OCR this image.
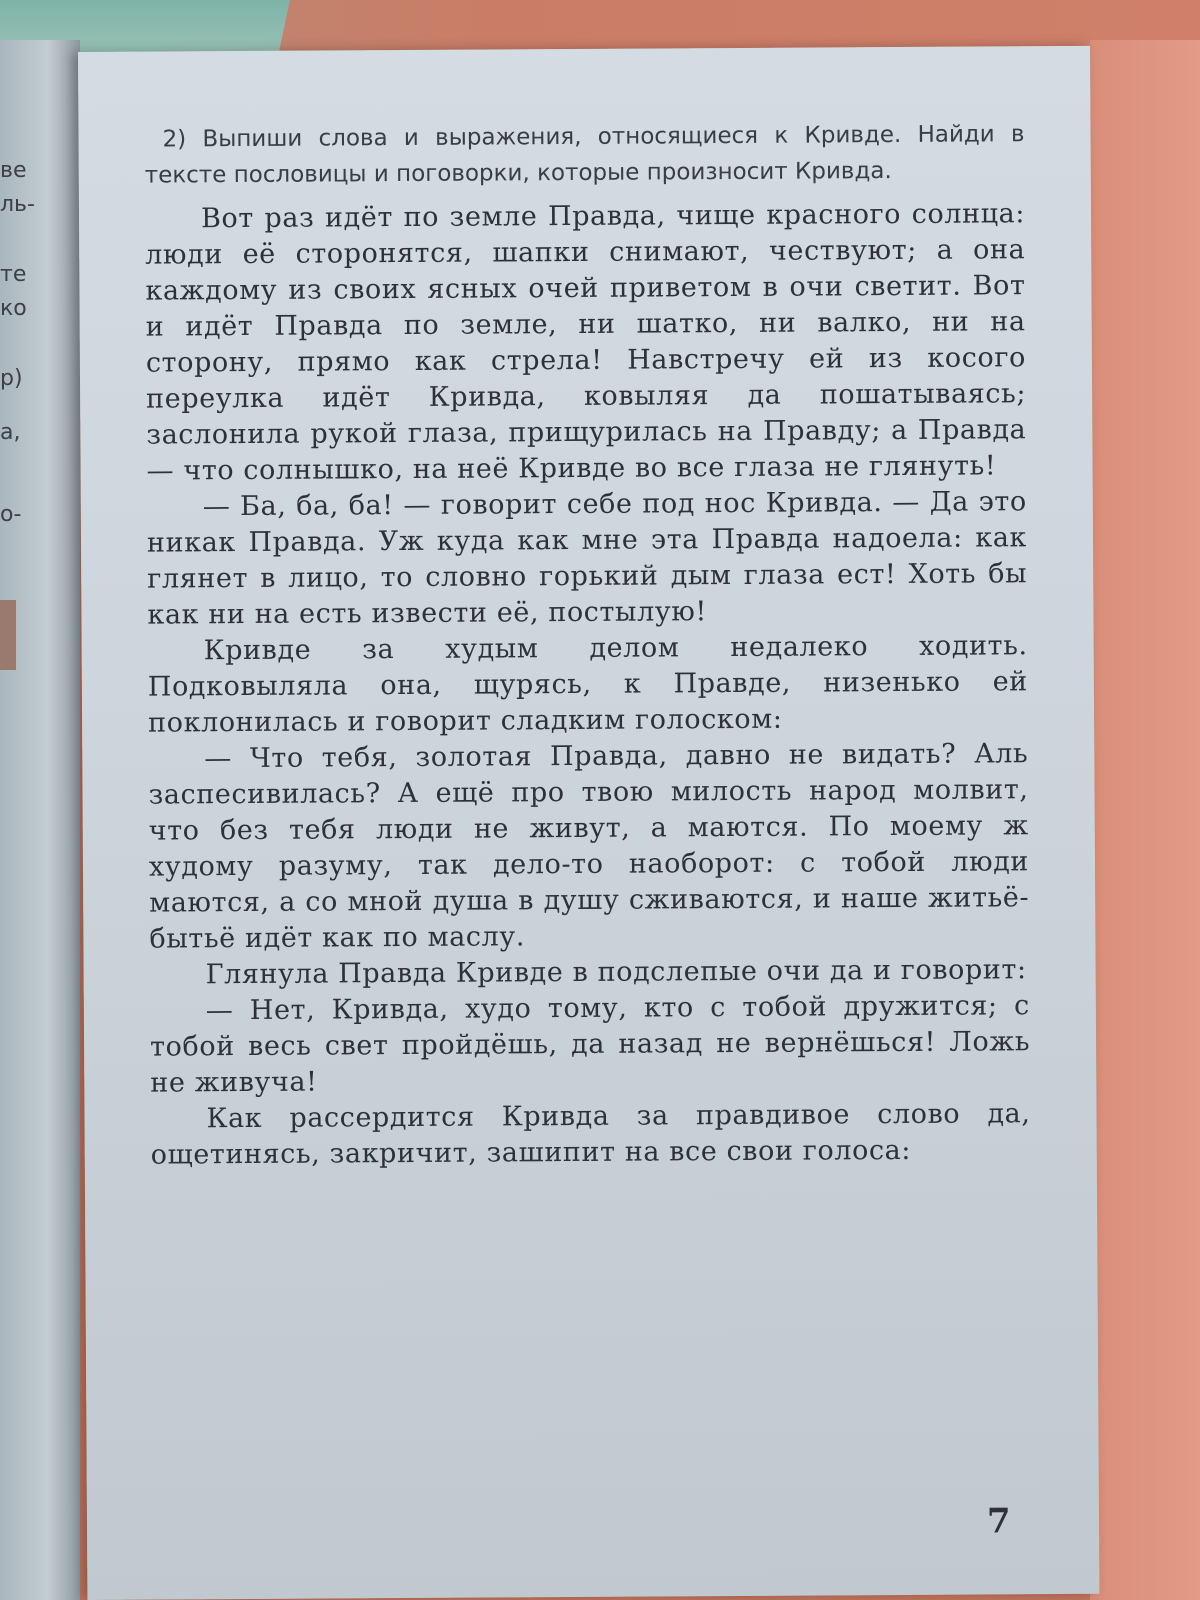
ве
ль-
те
ко
р)
а,
о-

2) Выпиши слова и выражения, относящиеся к Кривде. Найди в тексте пословицы и поговорки, которые произносит Кривда.

Вот раз идёт по земле Правда, чище красного солнца: люди её сторонятся, шапки снимают, чествуют; а она каждому из своих ясных очей приветом в очи светит. Вот и идёт Правда по земле, ни шатко, ни валко, ни на сторону, прямо как стрела! Навстречу ей из косого переулка идёт Кривда, ковыляя да пошатываясь; заслонила рукой глаза, прищурилась на Правду; а Правда — что солнышко, на неё Кривде во все глаза не глянуть!

— Ба, ба, ба! — говорит себе под нос Кривда. — Да это никак Правда. Уж куда как мне эта Правда надоела: как глянет в лицо, то словно горький дым глаза ест! Хоть бы как ни на есть извести её, постылую!

Кривде за худым делом недалеко ходить. Подковыляла она, щурясь, к Правде, низенько ей поклонилась и говорит сладким голоском:

— Что тебя, золотая Правда, давно не видать? Аль заспесивилась? А ещё про твою милость народ молвит, что без тебя люди не живут, а маются. По моему ж худому разуму, так дело-то наоборот: с тобой люди маются, а со мной душа в душу сживаются, и наше житьё-бытьё идёт как по маслу.

Глянула Правда Кривде в подслепые очи да и говорит:

— Нет, Кривда, худо тому, кто с тобой дружится; с тобой весь свет пройдёшь, да назад не вернёшься! Ложь не живуча!

Как рассердится Кривда за правдивое слово да, ощетинясь, закричит, зашипит на все свои голоса:

7
